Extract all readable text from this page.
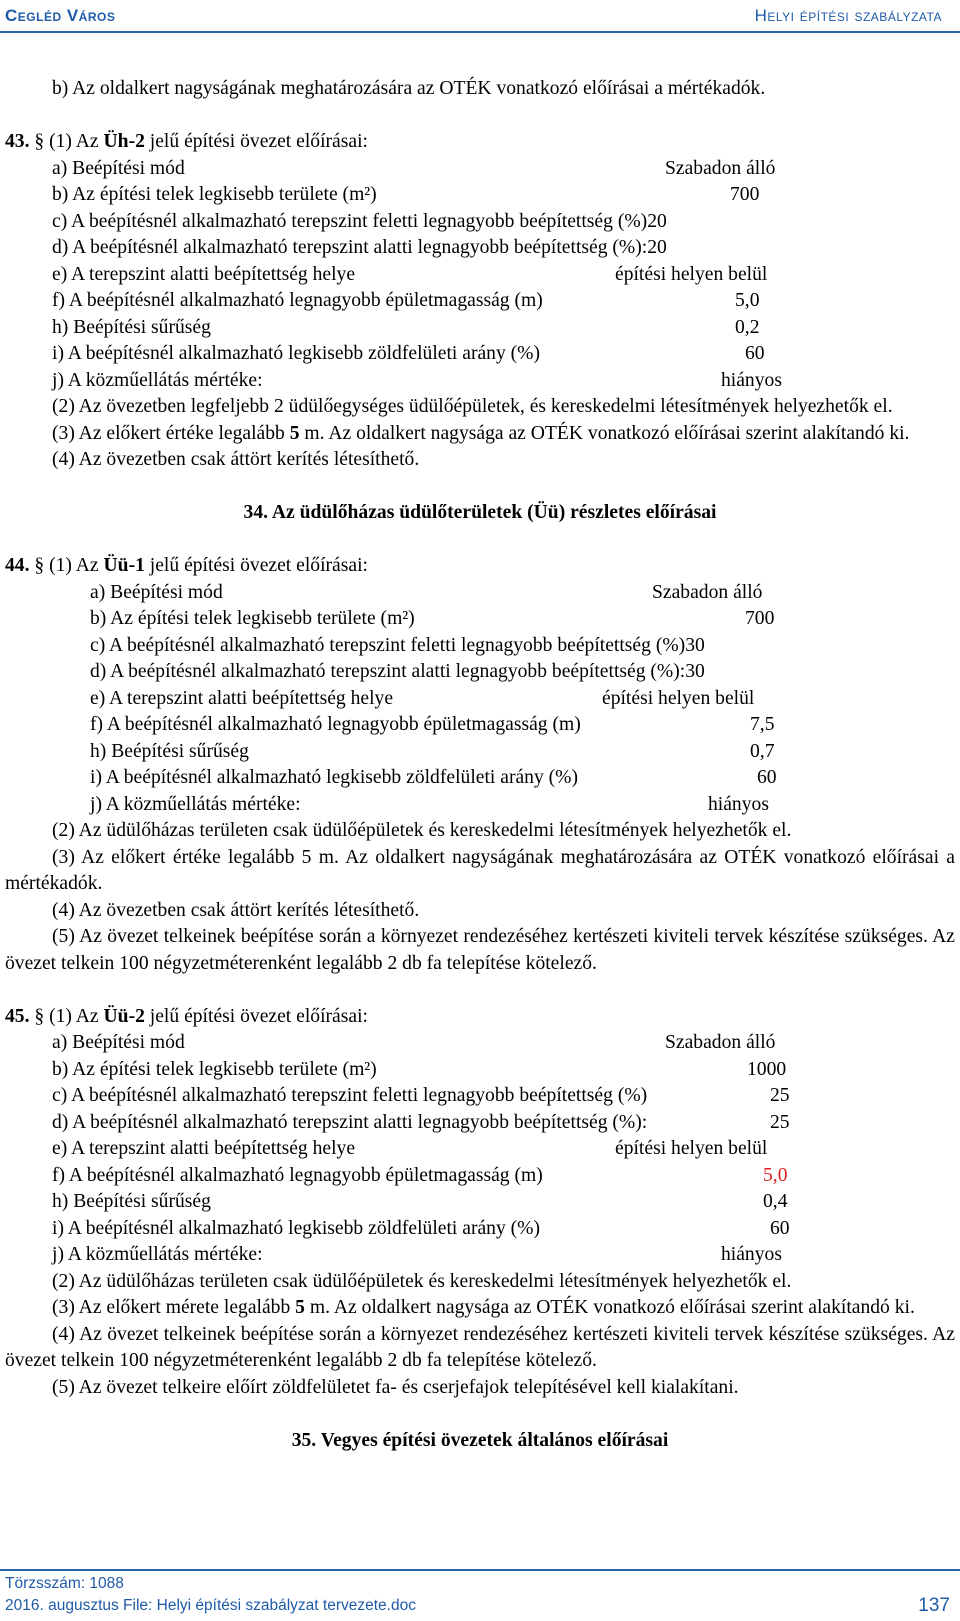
Cegléd Város	Helyi építési szabályzata
b) Az oldalkert nagyságának meghatározására az OTÉK vonatkozó előírásai a mértékadók.
43. § (1) Az Üh-2 jelű építési övezet előírásai:
a) Beépítési mód	Szabadon álló
b) Az építési telek legkisebb területe (m²)	700
c) A beépítésnél alkalmazható terepszint feletti legnagyobb beépítettség (%)20
d) A beépítésnél alkalmazható terepszint alatti legnagyobb beépítettség (%):20
e) A terepszint alatti beépítettség helye	építési helyen belül
f) A beépítésnél alkalmazható legnagyobb épületmagasság (m)	5,0
h) Beépítési sűrűség	0,2
i) A beépítésnél alkalmazható legkisebb zöldfelületi arány (%)	60
j) A közműellátás mértéke:	hiányos
(2) Az övezetben legfeljebb 2 üdülőegységes üdülőépületek, és kereskedelmi létesítmények helyezhetők el.
(3) Az előkert értéke legalább 5 m. Az oldalkert nagysága az OTÉK vonatkozó előírásai szerint alakítandó ki.
(4) Az övezetben csak áttört kerítés létesíthető.
34. Az üdülőházas üdülőterületek (Üü) részletes előírásai
44. § (1) Az Üü-1 jelű építési övezet előírásai:
a) Beépítési mód	Szabadon álló
b) Az építési telek legkisebb területe (m²)	700
c) A beépítésnél alkalmazható terepszint feletti legnagyobb beépítettség (%)30
d) A beépítésnél alkalmazható terepszint alatti legnagyobb beépítettség (%):30
e) A terepszint alatti beépítettség helye	építési helyen belül
f) A beépítésnél alkalmazható legnagyobb épületmagasság (m)	7,5
h) Beépítési sűrűség	0,7
i) A beépítésnél alkalmazható legkisebb zöldfelületi arány (%)	60
j) A közműellátás mértéke:	hiányos
(2) Az üdülőházas területen csak üdülőépületek és kereskedelmi létesítmények helyezhetők el.
(3) Az előkert értéke legalább 5 m. Az oldalkert nagyságának meghatározására az OTÉK vonatkozó előírásai a mértékadók.
(4) Az övezetben csak áttört kerítés létesíthető.
(5) Az övezet telkeinek beépítése során a környezet rendezéséhez kertészeti kiviteli tervek készítése szükséges. Az övezet telkein 100 négyzetméterenként legalább 2 db fa telepítése kötelező.
45. § (1) Az Üü-2 jelű építési övezet előírásai:
a) Beépítési mód	Szabadon álló
b) Az építési telek legkisebb területe (m²)	1000
c) A beépítésnél alkalmazható terepszint feletti legnagyobb beépítettség (%)	25
d) A beépítésnél alkalmazható terepszint alatti legnagyobb beépítettség (%):	25
e) A terepszint alatti beépítettség helye	építési helyen belül
f) A beépítésnél alkalmazható legnagyobb épületmagasság (m)	5,0
h) Beépítési sűrűség	0,4
i) A beépítésnél alkalmazható legkisebb zöldfelületi arány (%)	60
j) A közműellátás mértéke:	hiányos
(2) Az üdülőházas területen csak üdülőépületek és kereskedelmi létesítmények helyezhetők el.
(3) Az előkert mérete legalább 5 m. Az oldalkert nagysága az OTÉK vonatkozó előírásai szerint alakítandó ki.
(4) Az övezet telkeinek beépítése során a környezet rendezéséhez kertészeti kiviteli tervek készítése szükséges. Az övezet telkein 100 négyzetméterenként legalább 2 db fa telepítése kötelező.
(5) Az övezet telkeire előírt zöldfelületet fa- és cserjefajok telepítésével kell kialakítani.
35. Vegyes építési övezetek általános előírásai
Törzsszám: 1088
2016. augusztus File: Helyi építési szabályzat tervezete.doc	137
